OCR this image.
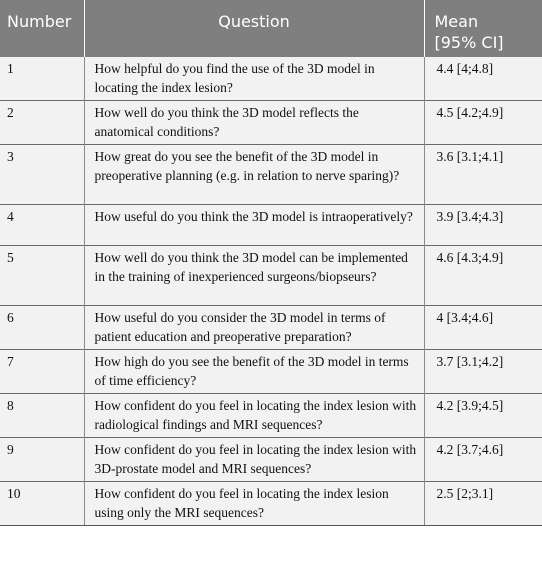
Number	Question	Mean
[95% CI]

1	How helpful do you find the use of the 3D model in locating the index lesion?	4.4 [4;4.8]
2	How well do you think the 3D model reflects the anatomical conditions?	4.5 [4.2;4.9]
3	How great do you see the benefit of the 3D model in preoperative planning (e.g. in relation to nerve sparing)?	3.6 [3.1;4.1]
4	How useful do you think the 3D model is intraoperatively?	3.9 [3.4;4.3]
5	How well do you think the 3D model can be implemented in the training of inexperienced surgeons/biopseurs?	4.6 [4.3;4.9]
6	How useful do you consider the 3D model in terms of patient education and preoperative preparation?	4 [3.4;4.6]
7	How high do you see the benefit of the 3D model in terms of time efficiency?	3.7 [3.1;4.2]
8	How confident do you feel in locating the index lesion with radiological findings and MRI sequences?	4.2 [3.9;4.5]
9	How confident do you feel in locating the index lesion with 3D-prostate model and MRI sequences?	4.2 [3.7;4.6]
10	How confident do you feel in locating the index lesion using only the MRI sequences?	2.5 [2;3.1]
